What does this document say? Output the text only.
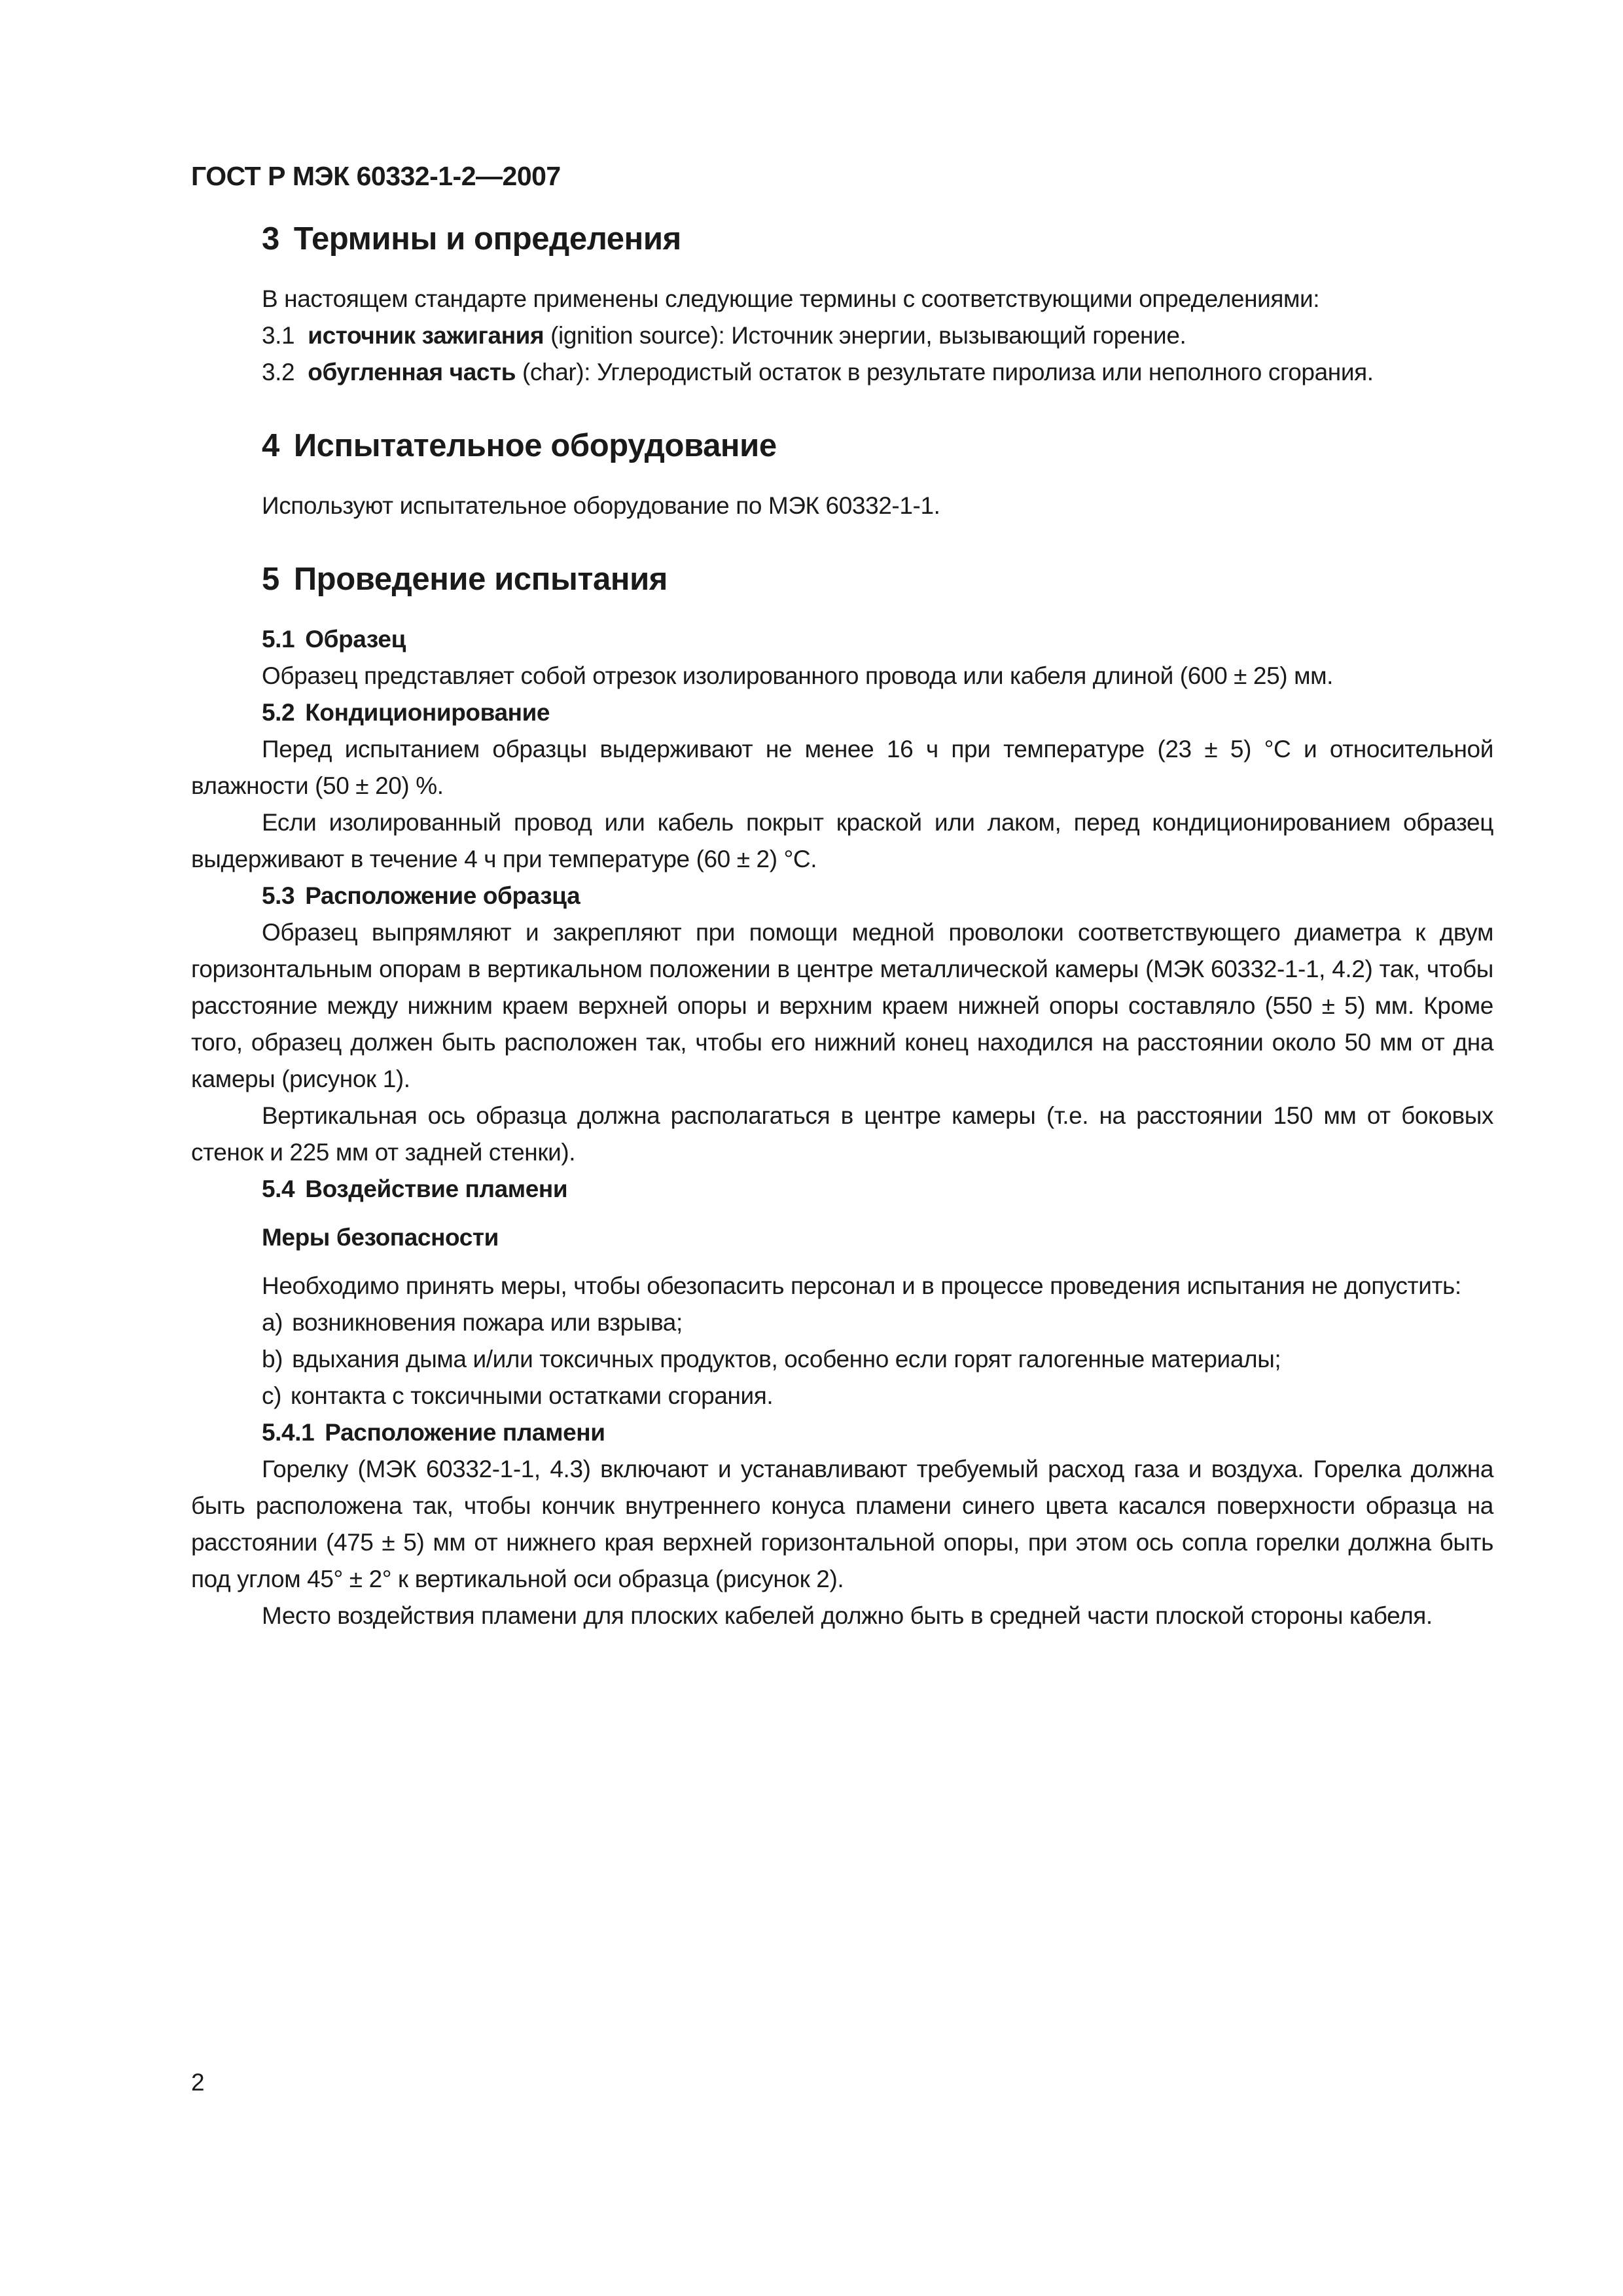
ГОСТ Р МЭК 60332-1-2—2007
3 Термины и определения

В настоящем стандарте применены следующие термины с соответствующими определениями:

3.1 источник зажигания (ignition source): Источник энергии, вызывающий горение.

3.2 обугленная часть (char): Углеродистый остаток в результате пиролиза или неполного сгорания.

4 Испытательное оборудование

Используют испытательное оборудование по МЭК 60332-1-1.

5 Проведение испытания
5.1 Образец

Образец представляет собой отрезок изолированного провода или кабеля длиной (600 ± 25) мм.

5.2 Кондиционирование

Перед испытанием образцы выдерживают не менее 16 ч при температуре (23 ± 5) °С и относительной влажности (50 ± 20) %.

Если изолированный провод или кабель покрыт краской или лаком, перед кондиционированием образец выдерживают в течение 4 ч при температуре (60 ± 2) °С.

5.3 Расположение образца

Образец выпрямляют и закрепляют при помощи медной проволоки соответствующего диаметра к двум горизонтальным опорам в вертикальном положении в центре металлической камеры (МЭК 60332-1-1, 4.2) так, чтобы расстояние между нижним краем верхней опоры и верхним краем нижней опоры составляло (550 ± 5) мм. Кроме того, образец должен быть расположен так, чтобы его нижний конец находился на расстоянии около 50 мм от дна камеры (рисунок 1).

Вертикальная ось образца должна располагаться в центре камеры (т.е. на расстоянии 150 мм от боковых стенок и 225 мм от задней стенки).

5.4 Воздействие пламени
Меры безопасности

Необходимо принять меры, чтобы обезопасить персонал и в процессе проведения испытания не допустить:

a) возникновения пожара или взрыва;
b) вдыхания дыма и/или токсичных продуктов, особенно если горят галогенные материалы;
c) контакта с токсичными остатками сгорания.
5.4.1 Расположение пламени

Горелку (МЭК 60332-1-1, 4.3) включают и устанавливают требуемый расход газа и воздуха. Горелка должна быть расположена так, чтобы кончик внутреннего конуса пламени синего цвета касался поверхности образца на расстоянии (475 ± 5) мм от нижнего края верхней горизонтальной опоры, при этом ось сопла горелки должна быть под углом 45° ± 2° к вертикальной оси образца (рисунок 2).

Место воздействия пламени для плоских кабелей должно быть в средней части плоской стороны кабеля.

2
